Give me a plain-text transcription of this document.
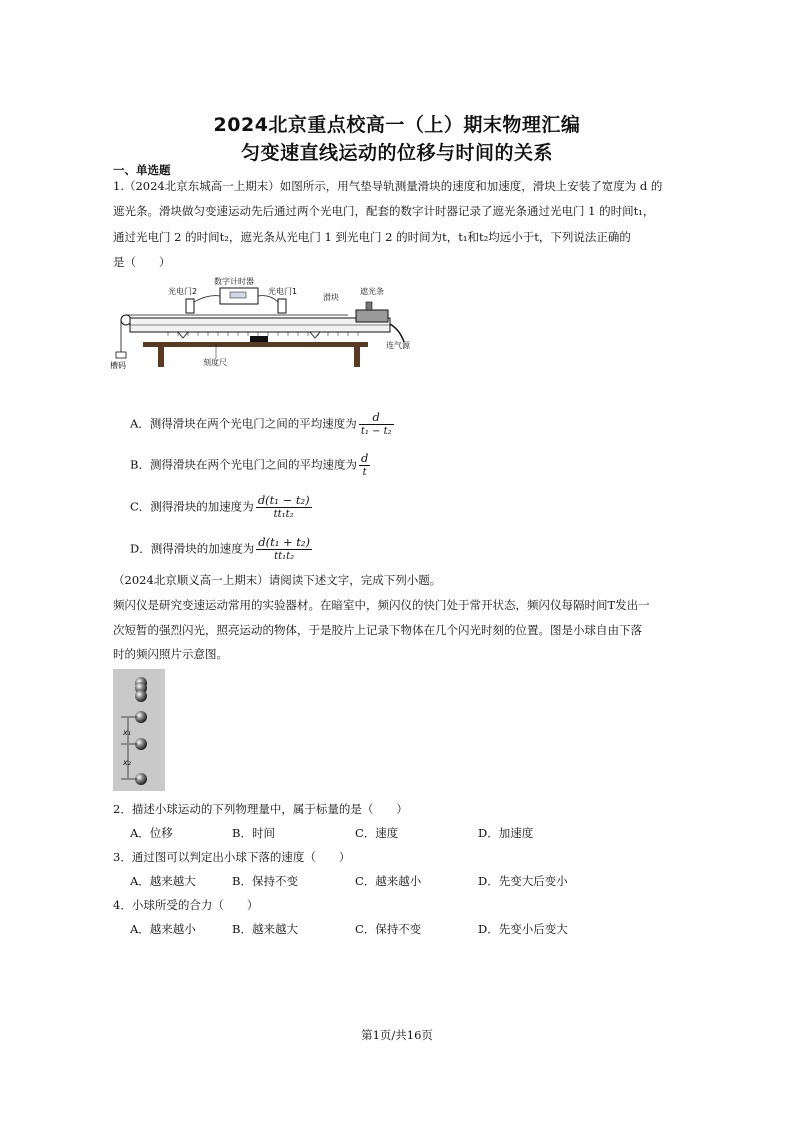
2024北京重点校高一（上）期末物理汇编
匀变速直线运动的位移与时间的关系
一、单选题
1.（2024北京东城高一上期末）如图所示，用气垫导轨测量滑块的速度和加速度，滑块上安装了宽度为 d 的
遮光条。滑块做匀变速运动先后通过两个光电门，配套的数字计时器记录了遮光条通过光电门 1 的时间t₁，
通过光电门 2 的时间t₂，遮光条从光电门 1 到光电门 2 的时间为t，t₁和t₂均远小于t，下列说法正确的
是（　　）
光电门2
数字计时器
光电门1
滑块
遮光条
刻度尺
连气源
槽码
A．测得滑块在两个光电门之间的平均速度为 $\frac{d}{\text{t₁ − t₂}}$
B．测得滑块在两个光电门之间的平均速度为 $\frac{d}{t}$
C．测得滑块的加速度为 $\frac{\text{d(t₁ − t₂)}}{\text{tt₁t₂}}$
D．测得滑块的加速度为 $\frac{\text{d(t₁ + t₂)}}{\text{tt₁t₂}}$
（2024北京顺义高一上期末）请阅读下述文字，完成下列小题。
频闪仪是研究变速运动常用的实验器材。在暗室中，频闪仪的快门处于常开状态，频闪仪每隔时间T发出一
次短暂的强烈闪光，照亮运动的物体，于是胶片上记录下物体在几个闪光时刻的位置。图是小球自由下落
时的频闪照片示意图。
x₁
x₂
2．描述小球运动的下列物理量中，属于标量的是（　　）
A．位移	B．时间	C．速度	D．加速度
3．通过图可以判定出小球下落的速度（　　）
A．越来越大	B．保持不变	C．越来越小	D．先变大后变小
4．小球所受的合力（　　）
A．越来越小	B．越来越大	C．保持不变	D．先变小后变大
第1页/共16页
